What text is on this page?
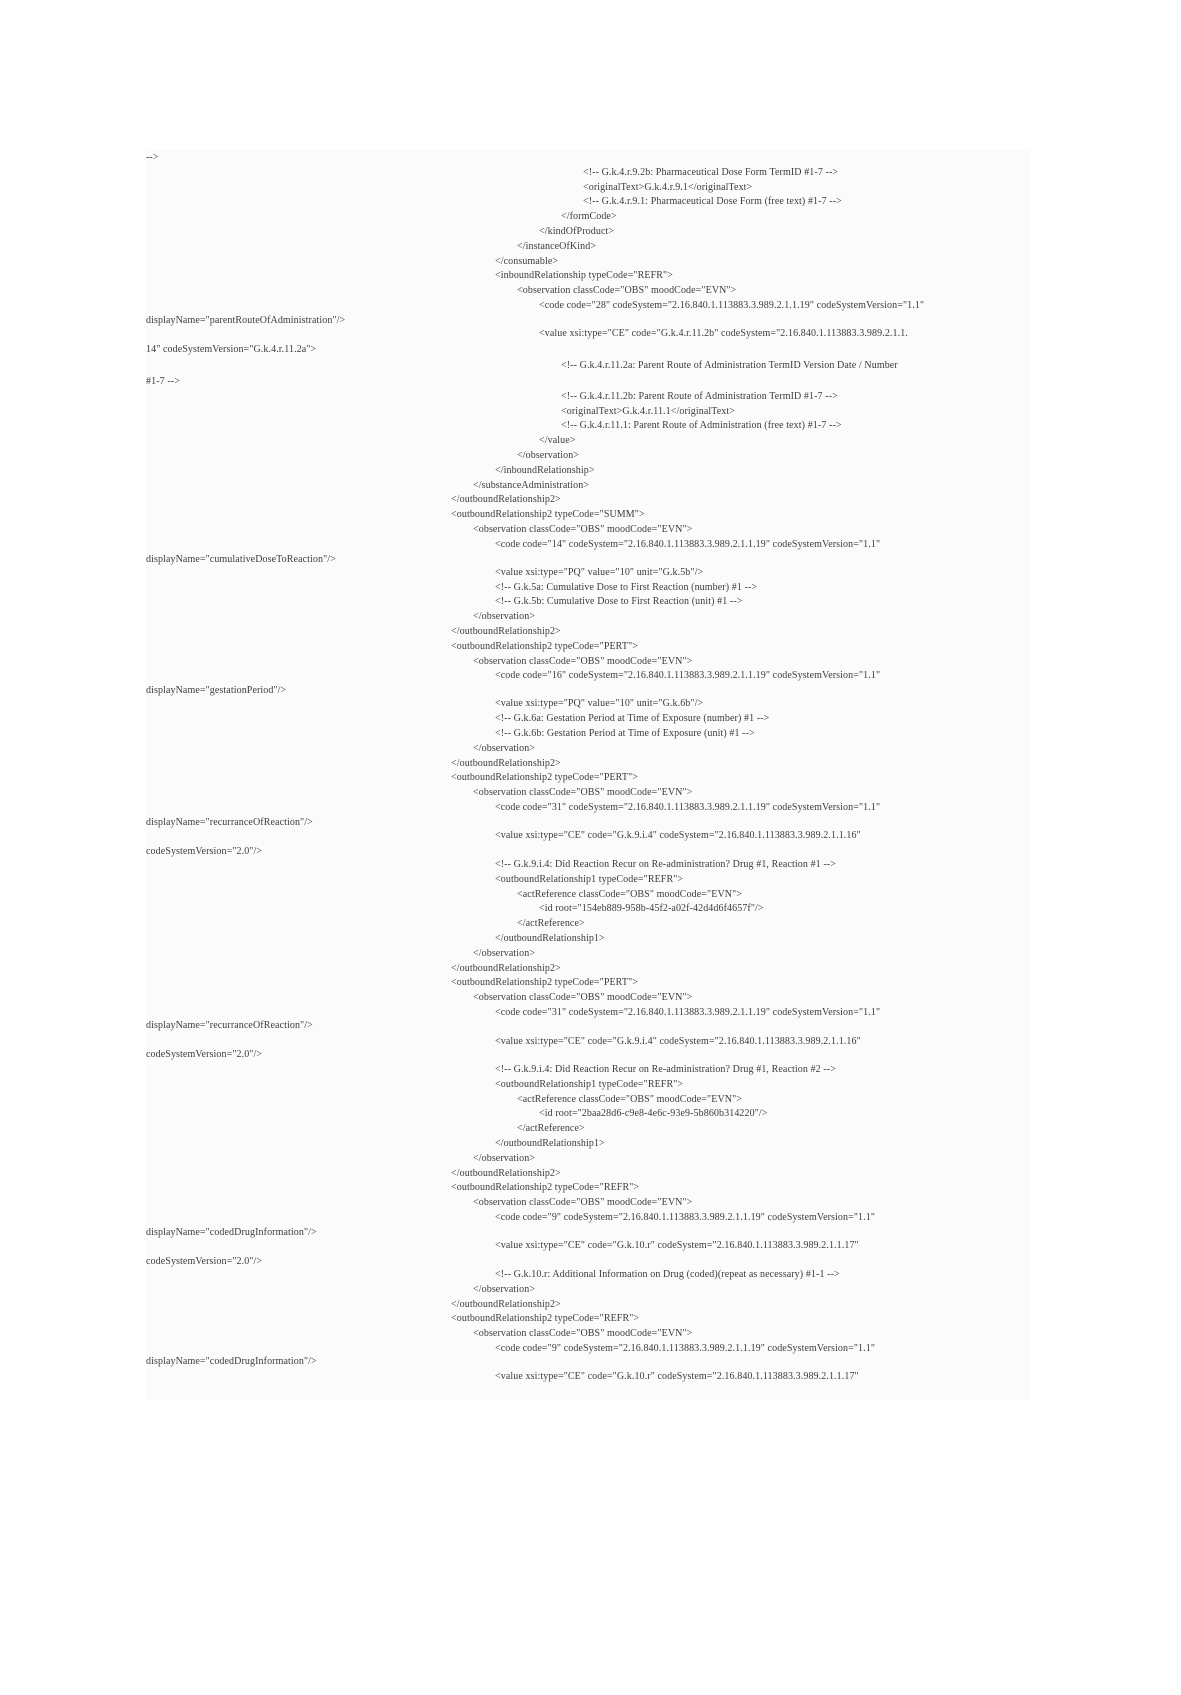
-->
<!-- G.k.4.r.9.2b: Pharmaceutical Dose Form TermID #1-7 -->
<originalText>G.k.4.r.9.1</originalText>
<!-- G.k.4.r.9.1: Pharmaceutical Dose Form (free text) #1-7 -->
</formCode>
</kindOfProduct>
</instanceOfKind>
</consumable>
<inboundRelationship typeCode="REFR">
<observation classCode="OBS" moodCode="EVN">
<code code="28" codeSystem="2.16.840.1.113883.3.989.2.1.1.19" codeSystemVersion="1.1"
displayName="parentRouteOfAdministration"/>
<value xsi:type="CE" code="G.k.4.r.11.2b" codeSystem="2.16.840.1.113883.3.989.2.1.1.
14" codeSystemVersion="G.k.4.r.11.2a">
<!-- G.k.4.r.11.2a: Parent Route of Administration TermID Version Date / Number
#1-7 -->
<!-- G.k.4.r.11.2b: Parent Route of Administration TermID #1-7 -->
<originalText>G.k.4.r.11.1</originalText>
<!-- G.k.4.r.11.1: Parent Route of Administration (free text) #1-7 -->
</value>
</observation>
</inboundRelationship>
</substanceAdministration>
</outboundRelationship2>
<outboundRelationship2 typeCode="SUMM">
<observation classCode="OBS" moodCode="EVN">
<code code="14" codeSystem="2.16.840.1.113883.3.989.2.1.1.19" codeSystemVersion="1.1"
displayName="cumulativeDoseToReaction"/>
<value xsi:type="PQ" value="10" unit="G.k.5b"/>
<!-- G.k.5a: Cumulative Dose to First Reaction (number) #1 -->
<!-- G.k.5b: Cumulative Dose to First Reaction (unit) #1 -->
</observation>
</outboundRelationship2>
<outboundRelationship2 typeCode="PERT">
<observation classCode="OBS" moodCode="EVN">
<code code="16" codeSystem="2.16.840.1.113883.3.989.2.1.1.19" codeSystemVersion="1.1"
displayName="gestationPeriod"/>
<value xsi:type="PQ" value="10" unit="G.k.6b"/>
<!-- G.k.6a: Gestation Period at Time of Exposure (number) #1 -->
<!-- G.k.6b: Gestation Period at Time of Exposure (unit) #1 -->
</observation>
</outboundRelationship2>
<outboundRelationship2 typeCode="PERT">
<observation classCode="OBS" moodCode="EVN">
<code code="31" codeSystem="2.16.840.1.113883.3.989.2.1.1.19" codeSystemVersion="1.1"
displayName="recurranceOfReaction"/>
<value xsi:type="CE" code="G.k.9.i.4" codeSystem="2.16.840.1.113883.3.989.2.1.1.16"
codeSystemVersion="2.0"/>
<!-- G.k.9.i.4: Did Reaction Recur on Re-administration? Drug #1, Reaction #1 -->
<outboundRelationship1 typeCode="REFR">
<actReference classCode="OBS" moodCode="EVN">
<id root="154eb889-958b-45f2-a02f-42d4d6f4657f"/>
</actReference>
</outboundRelationship1>
</observation>
</outboundRelationship2>
<outboundRelationship2 typeCode="PERT">
<observation classCode="OBS" moodCode="EVN">
<code code="31" codeSystem="2.16.840.1.113883.3.989.2.1.1.19" codeSystemVersion="1.1"
displayName="recurranceOfReaction"/>
<value xsi:type="CE" code="G.k.9.i.4" codeSystem="2.16.840.1.113883.3.989.2.1.1.16"
codeSystemVersion="2.0"/>
<!-- G.k.9.i.4: Did Reaction Recur on Re-administration? Drug #1, Reaction #2 -->
<outboundRelationship1 typeCode="REFR">
<actReference classCode="OBS" moodCode="EVN">
<id root="2baa28d6-c9e8-4e6c-93e9-5b860b314220"/>
</actReference>
</outboundRelationship1>
</observation>
</outboundRelationship2>
<outboundRelationship2 typeCode="REFR">
<observation classCode="OBS" moodCode="EVN">
<code code="9" codeSystem="2.16.840.1.113883.3.989.2.1.1.19" codeSystemVersion="1.1"
displayName="codedDrugInformation"/>
<value xsi:type="CE" code="G.k.10.r" codeSystem="2.16.840.1.113883.3.989.2.1.1.17"
codeSystemVersion="2.0"/>
<!-- G.k.10.r: Additional Information on Drug (coded)(repeat as necessary) #1-1 -->
</observation>
</outboundRelationship2>
<outboundRelationship2 typeCode="REFR">
<observation classCode="OBS" moodCode="EVN">
<code code="9" codeSystem="2.16.840.1.113883.3.989.2.1.1.19" codeSystemVersion="1.1"
displayName="codedDrugInformation"/>
<value xsi:type="CE" code="G.k.10.r" codeSystem="2.16.840.1.113883.3.989.2.1.1.17"
